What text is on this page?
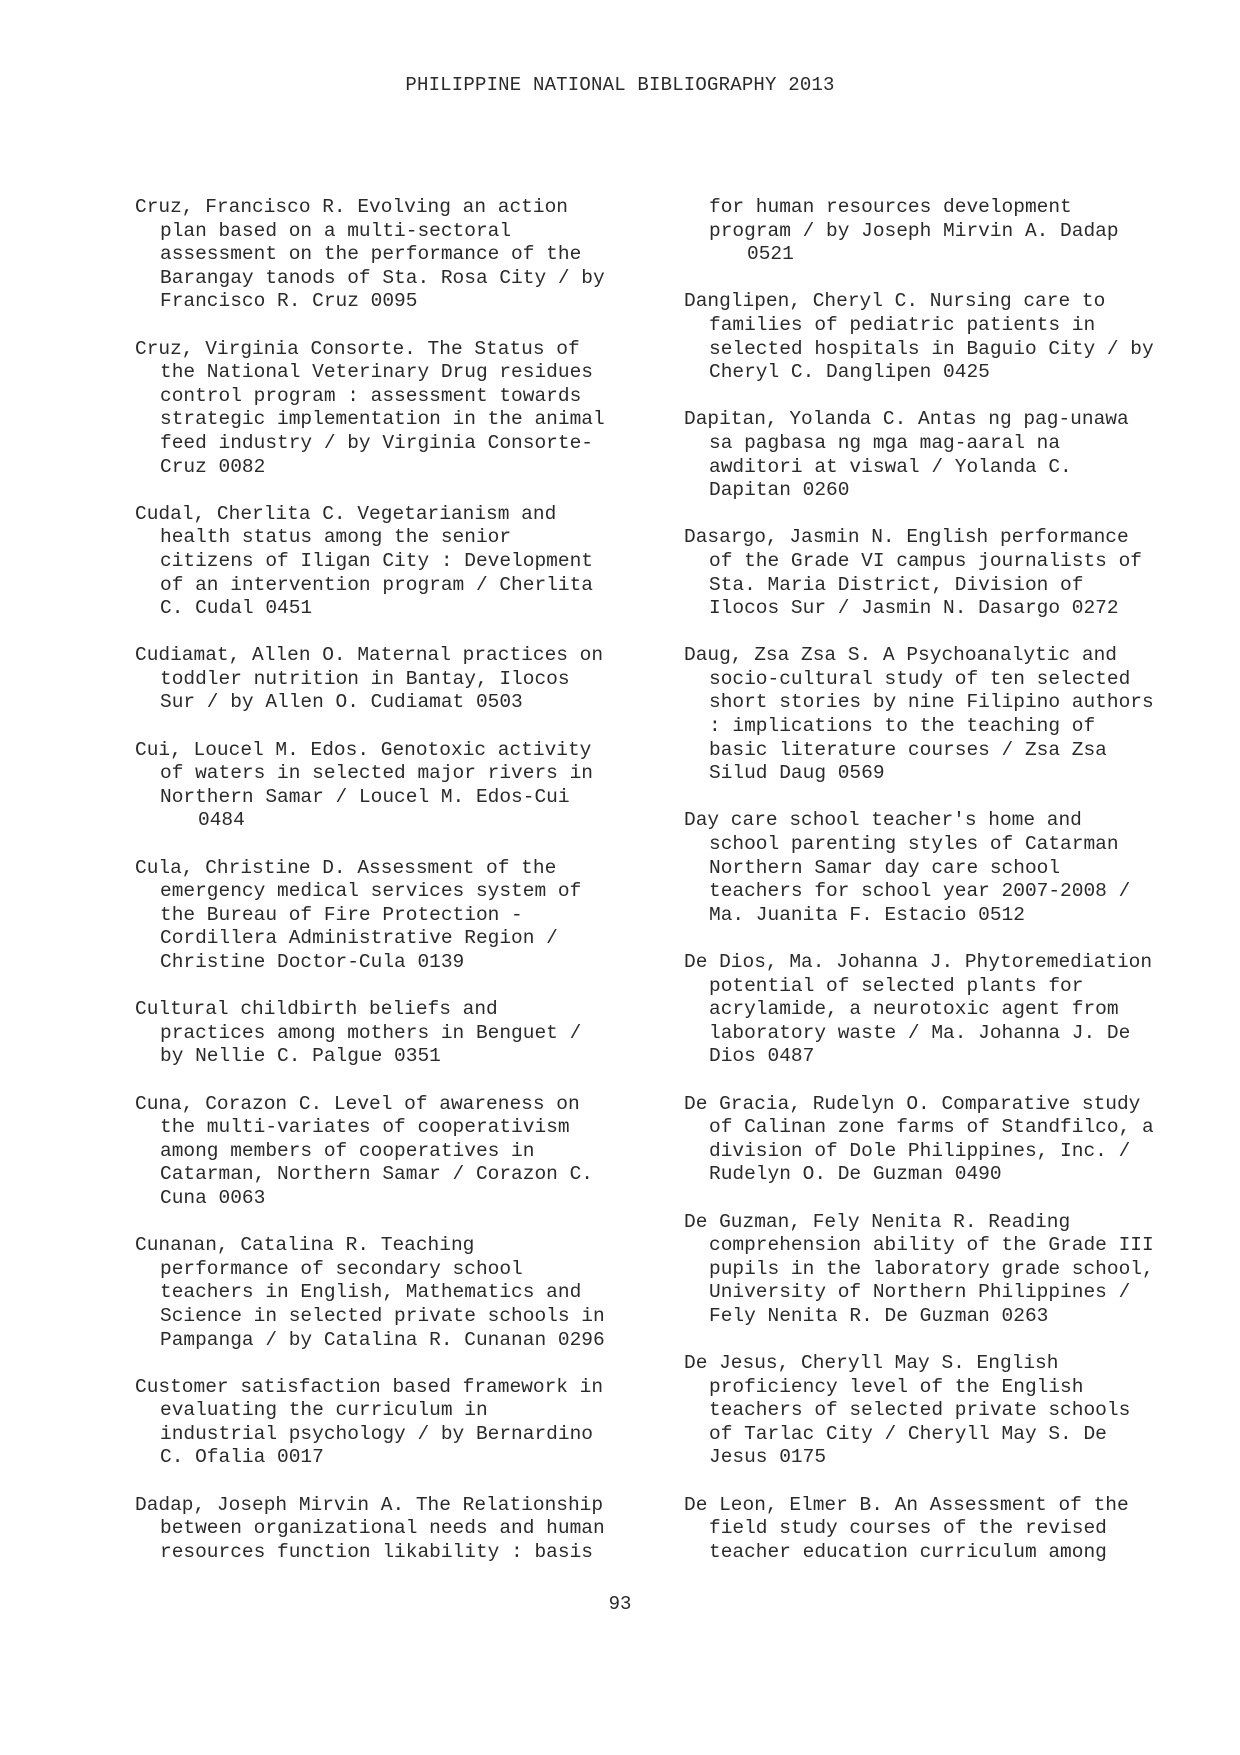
PHILIPPINE NATIONAL BIBLIOGRAPHY 2013
Cruz, Francisco R. Evolving an action
plan based on a multi-sectoral
assessment on the performance of the
Barangay tanods of Sta. Rosa City / by
Francisco R. Cruz 0095
Cruz, Virginia Consorte. The Status of
the National Veterinary Drug residues
control program : assessment towards
strategic implementation in the animal
feed industry / by Virginia Consorte-
Cruz 0082
Cudal, Cherlita C. Vegetarianism and
health status among the senior
citizens of Iligan City : Development
of an intervention program / Cherlita
C. Cudal 0451
Cudiamat, Allen O. Maternal practices on
toddler nutrition in Bantay, Ilocos
Sur / by Allen O. Cudiamat 0503
Cui, Loucel M. Edos. Genotoxic activity
of waters in selected major rivers in
Northern Samar / Loucel M. Edos-Cui
0484
Cula, Christine D. Assessment of the
emergency medical services system of
the Bureau of Fire Protection -
Cordillera Administrative Region /
Christine Doctor-Cula 0139
Cultural childbirth beliefs and
practices among mothers in Benguet /
by Nellie C. Palgue 0351
Cuna, Corazon C. Level of awareness on
the multi-variates of cooperativism
among members of cooperatives in
Catarman, Northern Samar / Corazon C.
Cuna 0063
Cunanan, Catalina R. Teaching
performance of secondary school
teachers in English, Mathematics and
Science in selected private schools in
Pampanga / by Catalina R. Cunanan 0296
Customer satisfaction based framework in
evaluating the curriculum in
industrial psychology / by Bernardino
C. Ofalia 0017
Dadap, Joseph Mirvin A. The Relationship
between organizational needs and human
resources function likability : basis
for human resources development
program / by Joseph Mirvin A. Dadap
0521
Danglipen, Cheryl C. Nursing care to
families of pediatric patients in
selected hospitals in Baguio City / by
Cheryl C. Danglipen 0425
Dapitan, Yolanda C. Antas ng pag-unawa
sa pagbasa ng mga mag-aaral na
awditori at viswal / Yolanda C.
Dapitan 0260
Dasargo, Jasmin N. English performance
of the Grade VI campus journalists of
Sta. Maria District, Division of
Ilocos Sur / Jasmin N. Dasargo 0272
Daug, Zsa Zsa S. A Psychoanalytic and
socio-cultural study of ten selected
short stories by nine Filipino authors
: implications to the teaching of
basic literature courses / Zsa Zsa
Silud Daug 0569
Day care school teacher's home and
school parenting styles of Catarman
Northern Samar day care school
teachers for school year 2007-2008 /
Ma. Juanita F. Estacio 0512
De Dios, Ma. Johanna J. Phytoremediation
potential of selected plants for
acrylamide, a neurotoxic agent from
laboratory waste / Ma. Johanna J. De
Dios 0487
De Gracia, Rudelyn O. Comparative study
of Calinan zone farms of Standfilco, a
division of Dole Philippines, Inc. /
Rudelyn O. De Guzman 0490
De Guzman, Fely Nenita R. Reading
comprehension ability of the Grade III
pupils in the laboratory grade school,
University of Northern Philippines /
Fely Nenita R. De Guzman 0263
De Jesus, Cheryll May S. English
proficiency level of the English
teachers of selected private schools
of Tarlac City / Cheryll May S. De
Jesus 0175
De Leon, Elmer B. An Assessment of the
field study courses of the revised
teacher education curriculum among
93
